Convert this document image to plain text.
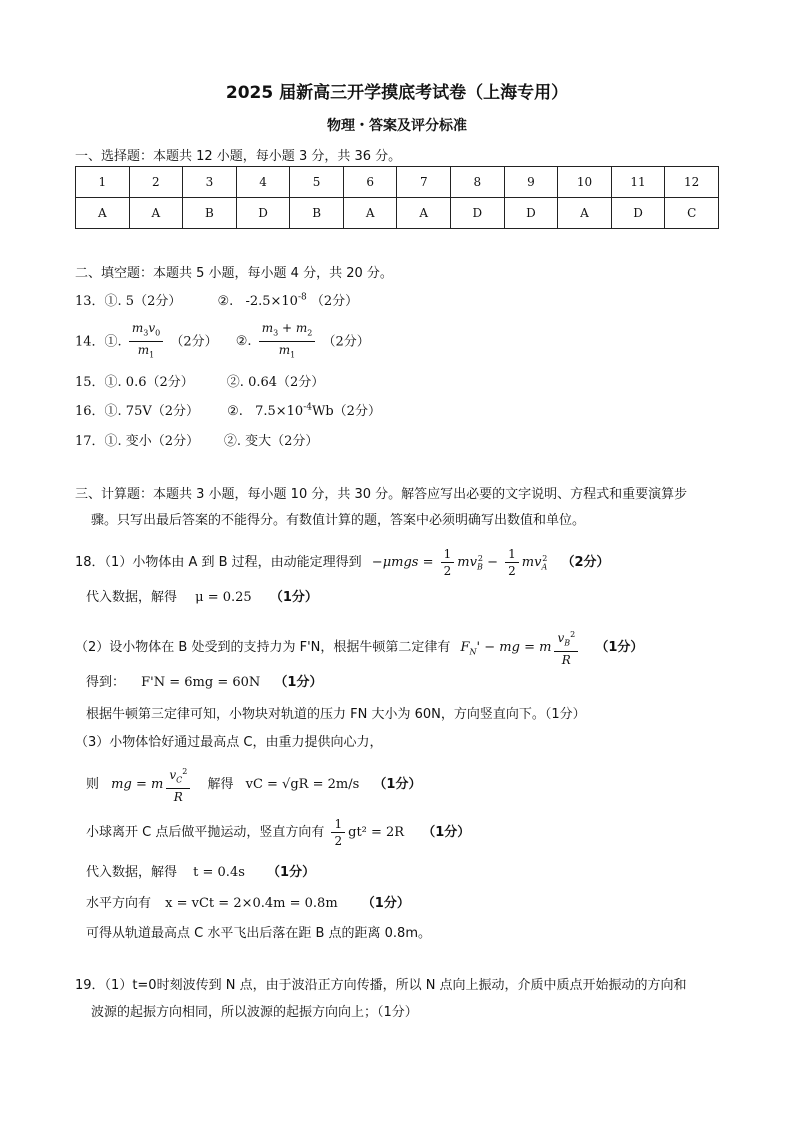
2025 届新高三开学摸底考试卷（上海专用）
物理・答案及评分标准
一、选择题：本题共 12 小题，每小题 3 分，共 36 分。
1	2	3	4	5	6	7	8	9	10	11	12
A	A	B	D	B	A	A	D	D	A	D	C
二、填空题：本题共 5 小题，每小题 4 分，共 20 分。
13．①. 5（2分）	②. $-2.5\times 10^{-8}$ （2分）
14．①. $\frac{m_3v_0}{m_1} (2$分） ②. $\frac{m_3 + m_2}{m_1} (2$分）
15．①. 0.6（2分）        ②. 0.64（2分）
16．①. 75V（2分） ②. $7.5\times 10^{-4}Wb(2$分）
17．①. 变小（2分）      ②. 变大（2分）
三、计算题：本题共 3 小题，每小题 10 分，共 30 分。解答应写出必要的文字说明、方程式和重要演算步
骤。只写出最后答案的不能得分。有数值计算的题，答案中必须明确写出数值和单位。
18．（1）小物体由 A 到 B 过程，由动能定理得到 $-\mu mgs = \frac{1}{2} mv_B^2 - \frac{1}{2} mv_A^2$ （2分）
代入数据，解得 μ = 0.25 （1分）
（2）设小物体在 B 处受到的支持力为 F'N，根据牛顿第二定律有 $F_N'$ − mg = m $\frac{v_B^2}{R} (1$分）
得到： F'N = 6mg = 60N （1分）
根据牛顿第三定律可知，小物块对轨道的压力 FN 大小为 60N，方向竖直向下。（1分）
（3）小物体恰好通过最高点 C，由重力提供向心力，
则 mg = m $\frac{v_C^2}{R}$ 解得 vC = √gR = 2m/s （1分）
小球离开 C 点后做平抛运动，竖直方向有 $\frac{1}{2} gt^2 = 2R$ （1分）
代入数据，解得 t = 0.4s （1分）
水平方向有 x = vCt = 2×0.4m = 0.8m （1分）
可得从轨道最高点 C 水平飞出后落在距 B 点的距离 0.8m。
19．（1）t=0时刻波传到 N 点，由于波沿正方向传播，所以 N 点向上振动，介质中质点开始振动的方向和
波源的起振方向相同，所以波源的起振方向向上；（1分）
